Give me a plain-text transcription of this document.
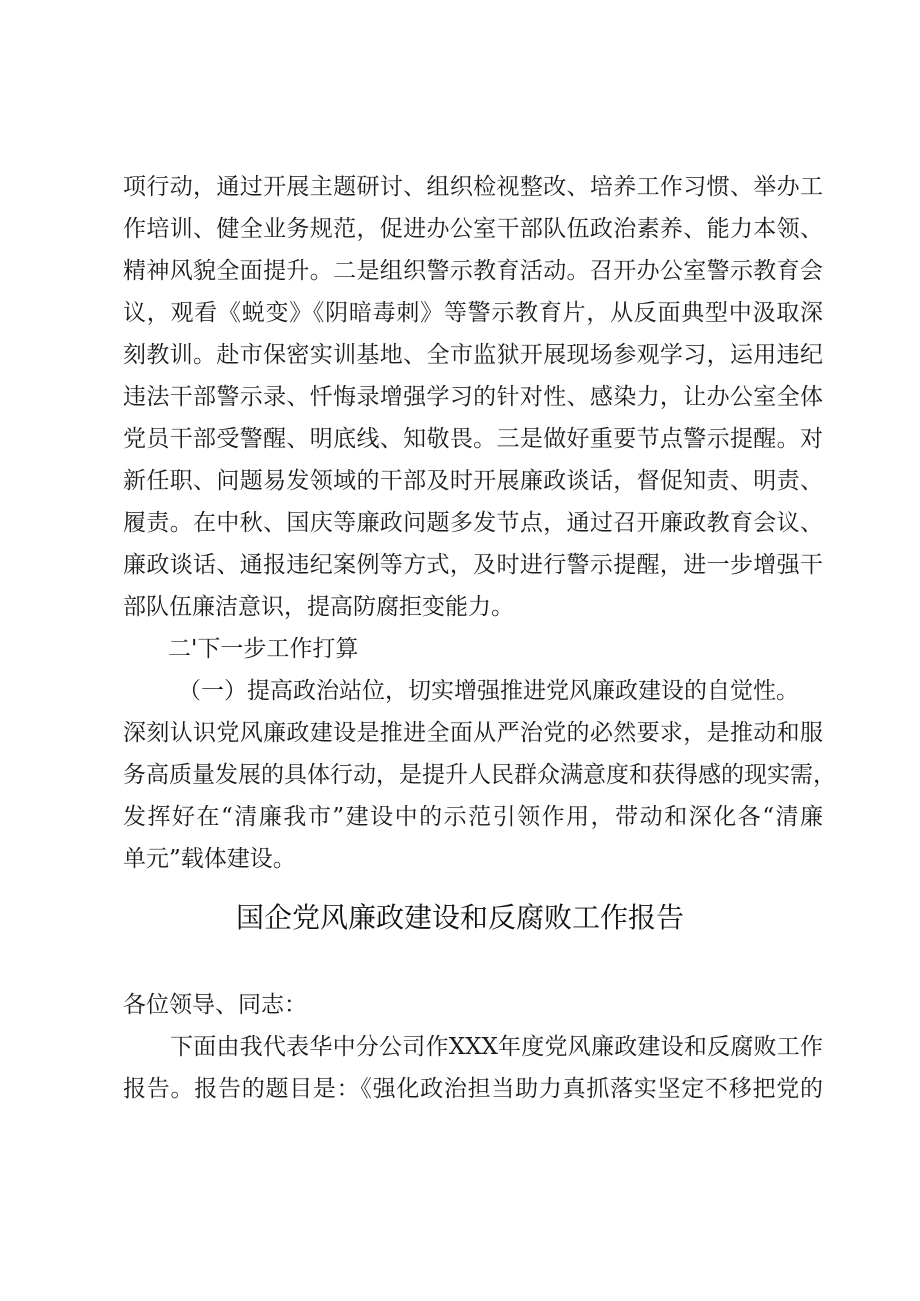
项行动，通过开展主题研讨、组织检视整改、培养工作习惯、举办工
作培训、健全业务规范，促进办公室干部队伍政治素养、能力本领、
精神风貌全面提升。二是组织警示教育活动。召开办公室警示教育会
议，观看《蜕变》《阴暗毒刺》等警示教育片，从反面典型中汲取深
刻教训。赴市保密实训基地、全市监狱开展现场参观学习，运用违纪
违法干部警示录、忏悔录增强学习的针对性、感染力，让办公室全体
党员干部受警醒、明底线、知敬畏。三是做好重要节点警示提醒。对
新任职、问题易发领域的干部及时开展廉政谈话，督促知责、明责、
履责。在中秋、国庆等廉政问题多发节点，通过召开廉政教育会议、
廉政谈话、通报违纪案例等方式，及时进行警示提醒，进一步增强干
部队伍廉洁意识，提高防腐拒变能力。
二'下一步工作打算
（一）提高政治站位，切实增强推进党风廉政建设的自觉性。
深刻认识党风廉政建设是推进全面从严治党的必然要求，是推动和服
务高质量发展的具体行动，是提升人民群众满意度和获得感的现实需，
发挥好在“清廉我市”建设中的示范引领作用，带动和深化各“清廉
单元”载体建设。
国企党风廉政建设和反腐败工作报告
各位领导、同志：
下面由我代表华中分公司作XXX年度党风廉政建设和反腐败工作
报告。报告的题目是：《强化政治担当助力真抓落实坚定不移把党的
